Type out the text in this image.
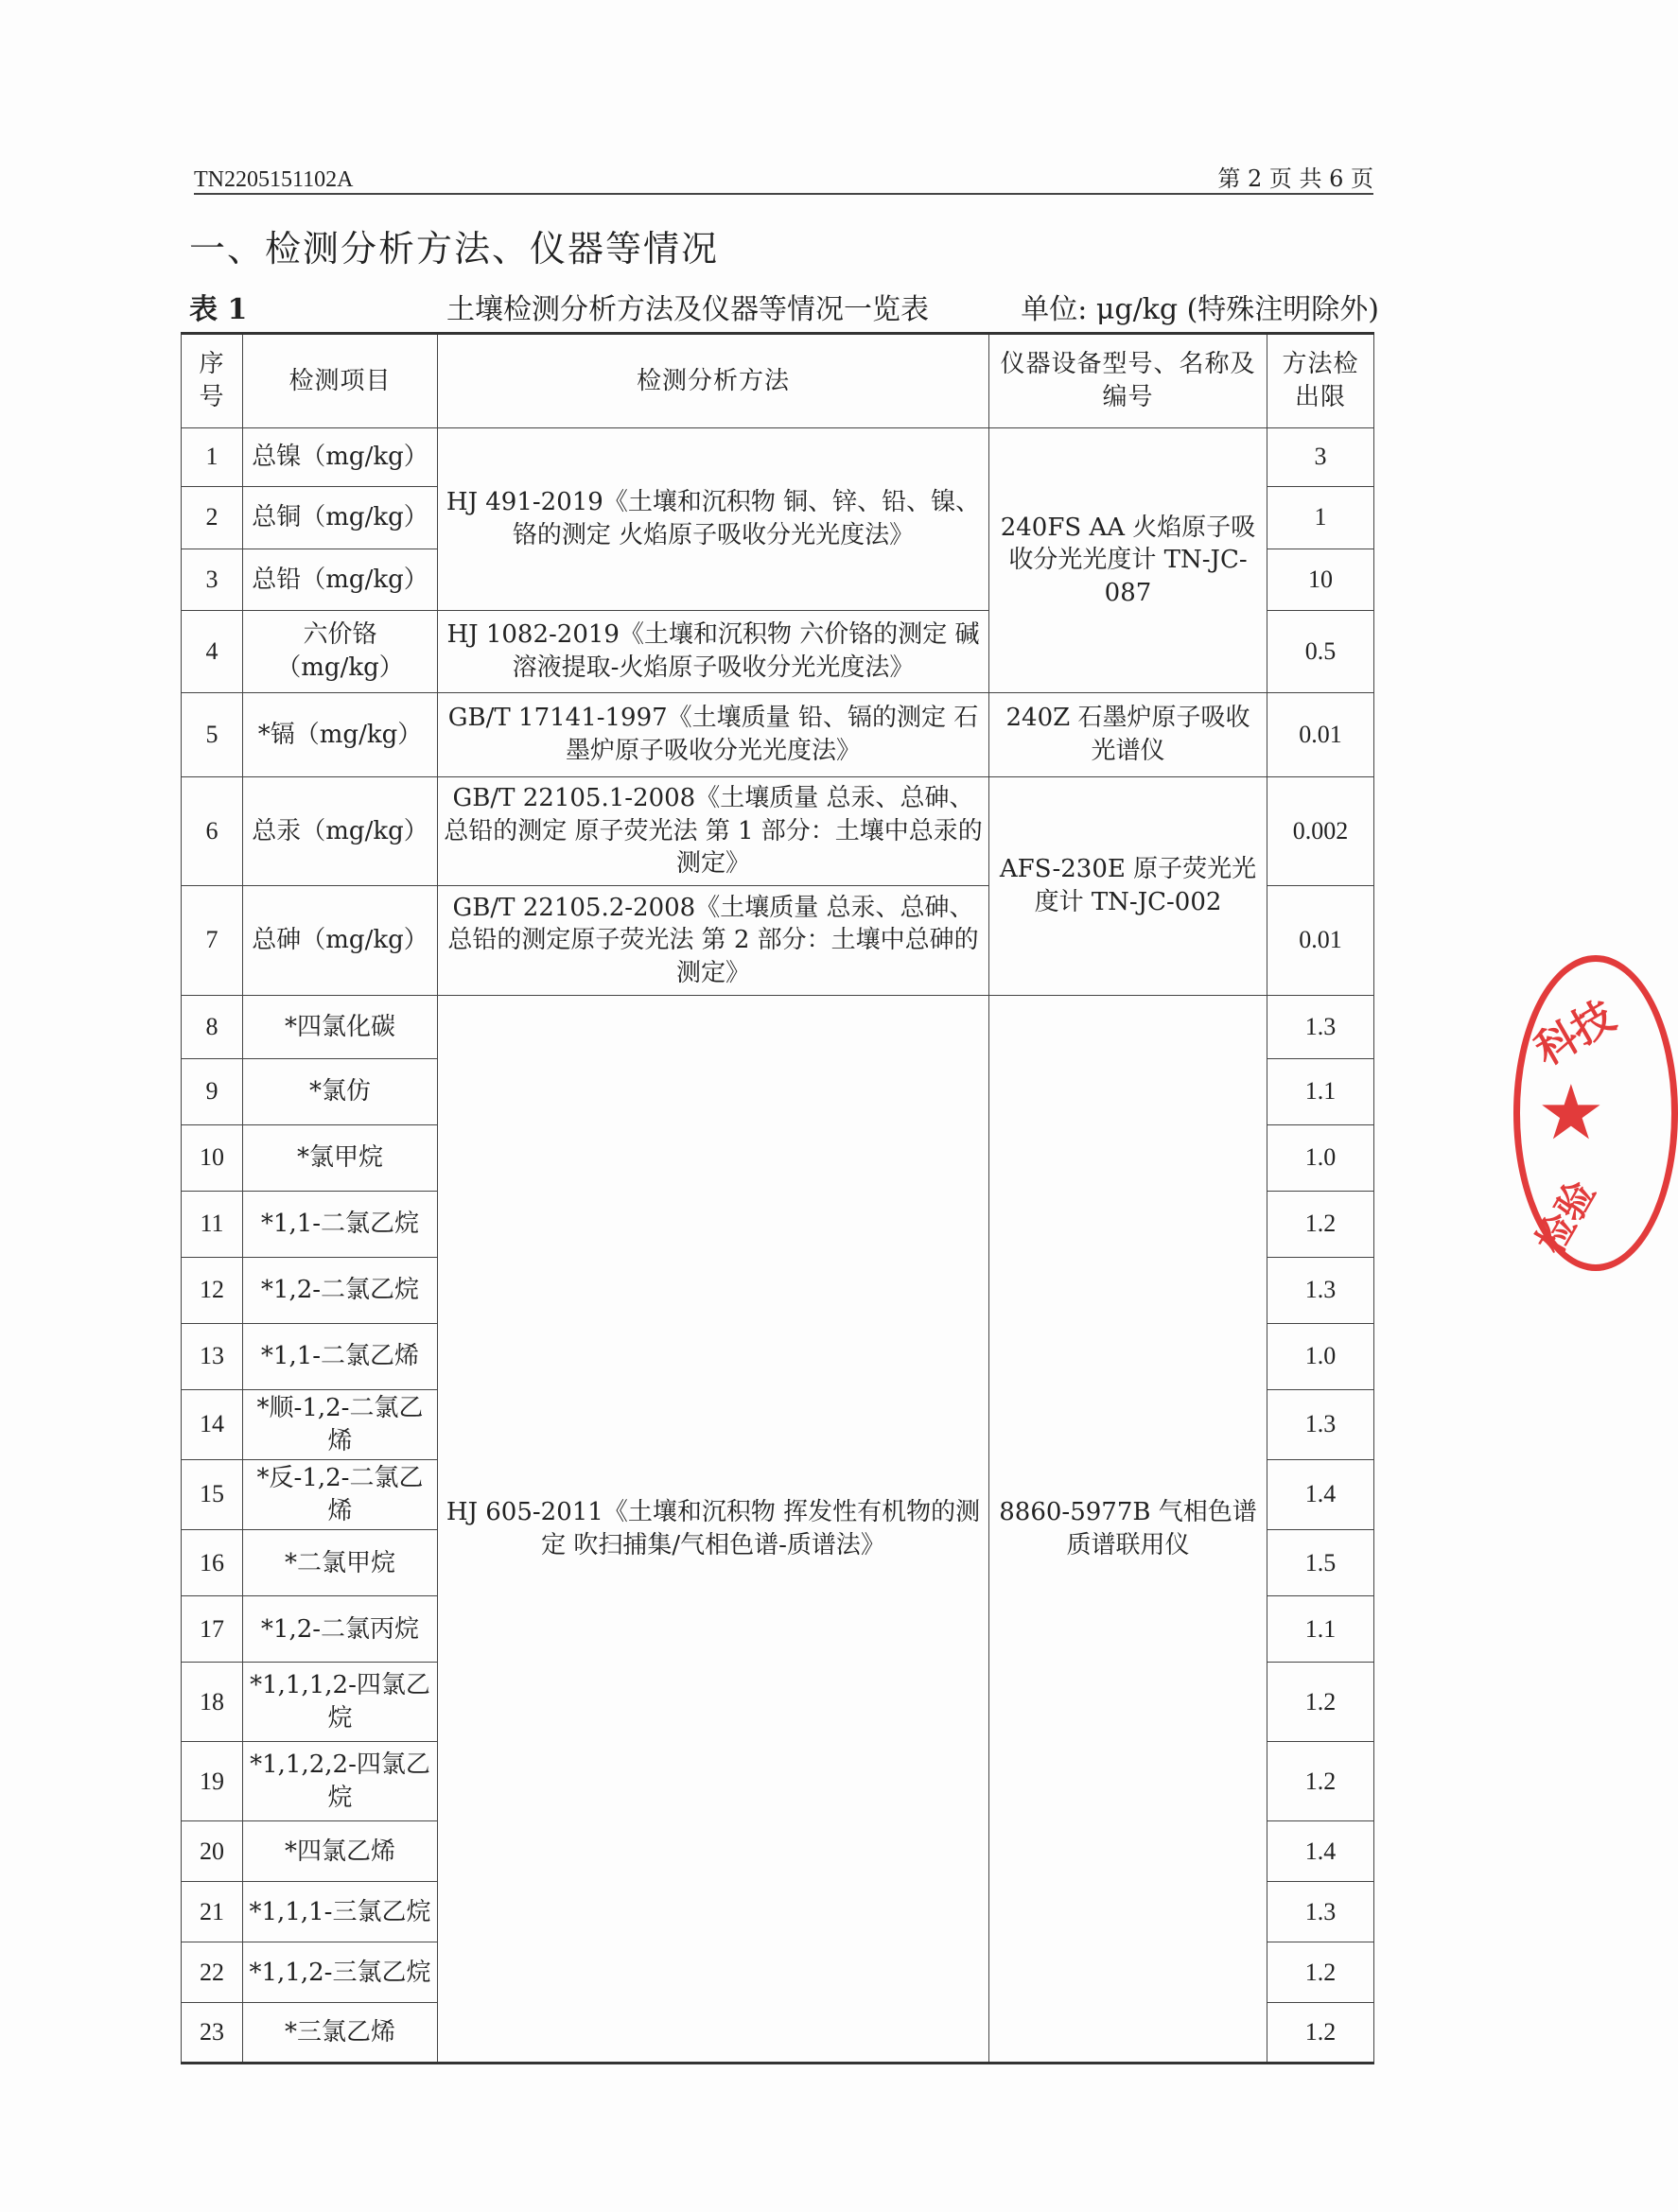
TN2205151102A	第 2 页 共 6 页
一、检测分析方法、仪器等情况
表 1	土壤检测分析方法及仪器等情况一览表	单位: μg/kg (特殊注明除外)
序号	检测项目	检测分析方法	仪器设备型号、名称及编号	方法检出限
1	总镍（mg/kg）	HJ 491-2019《土壤和沉积物 铜、锌、铅、镍、铬的测定 火焰原子吸收分光光度法》	240FS AA 火焰原子吸收分光光度计 TN-JC-087	3
2	总铜（mg/kg）			1
3	总铅（mg/kg）			10
4	六价铬（mg/kg）	HJ 1082-2019《土壤和沉积物 六价铬的测定 碱溶液提取-火焰原子吸收分光光度法》		0.5
5	*镉（mg/kg）	GB/T 17141-1997《土壤质量 铅、镉的测定 石墨炉原子吸收分光光度法》	240Z 石墨炉原子吸收光谱仪	0.01
6	总汞（mg/kg）	GB/T 22105.1-2008《土壤质量 总汞、总砷、总铅的测定 原子荧光法 第 1 部分：土壤中总汞的测定》	AFS-230E 原子荧光光度计 TN-JC-002	0.002
7	总砷（mg/kg）	GB/T 22105.2-2008《土壤质量 总汞、总砷、总铅的测定原子荧光法 第 2 部分：土壤中总砷的测定》		0.01
8	*四氯化碳	HJ 605-2011《土壤和沉积物 挥发性有机物的测定 吹扫捕集/气相色谱-质谱法》	8860-5977B 气相色谱质谱联用仪	1.3
9	*氯仿			1.1
10	*氯甲烷			1.0
11	*1,1-二氯乙烷			1.2
12	*1,2-二氯乙烷			1.3
13	*1,1-二氯乙烯			1.0
14	*顺-1,2-二氯乙烯			1.3
15	*反-1,2-二氯乙烯			1.4
16	*二氯甲烷			1.5
17	*1,2-二氯丙烷			1.1
18	*1,1,1,2-四氯乙烷			1.2
19	*1,1,2,2-四氯乙烷			1.2
20	*四氯乙烯			1.4
21	*1,1,1-三氯乙烷			1.3
22	*1,1,2-三氯乙烷			1.2
23	*三氯乙烯			1.2
科技
★
检验
